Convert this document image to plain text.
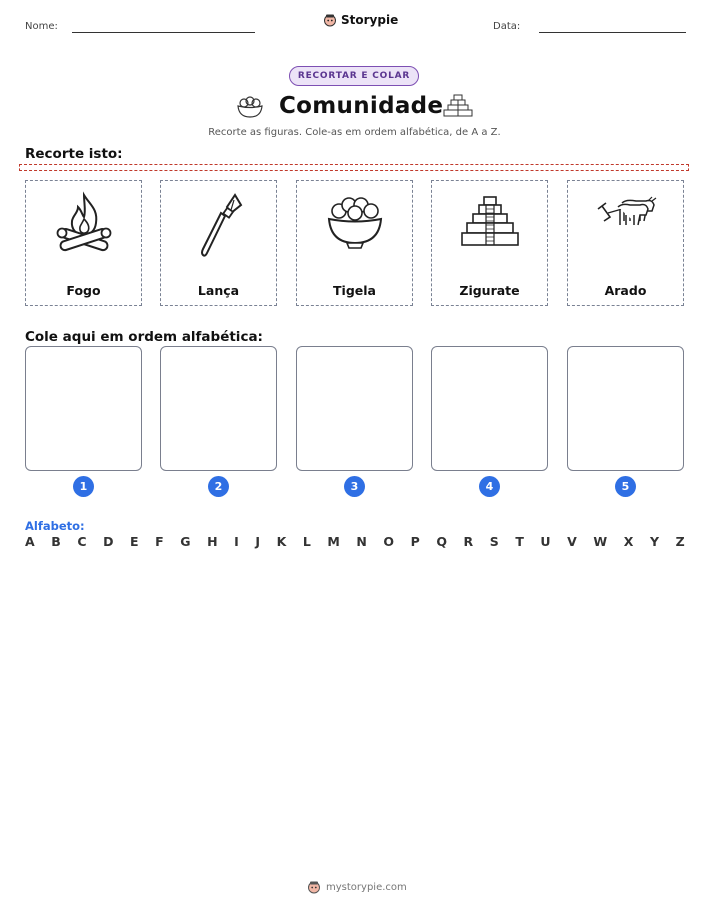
Nome:	Storypie	Data:
RECORTAR E COLAR
Comunidade
Recorte as figuras. Cole-as em ordem alfabética, de A a Z.
Recorte isto:
Fogo	Lança	Tigela	Zigurate	Arado
Cole aqui em ordem alfabética:
1	2	3	4	5
Alfabeto:
A B C D E F G H I J K L M N O P Q R S T U V W X Y Z
mystorypie.com
